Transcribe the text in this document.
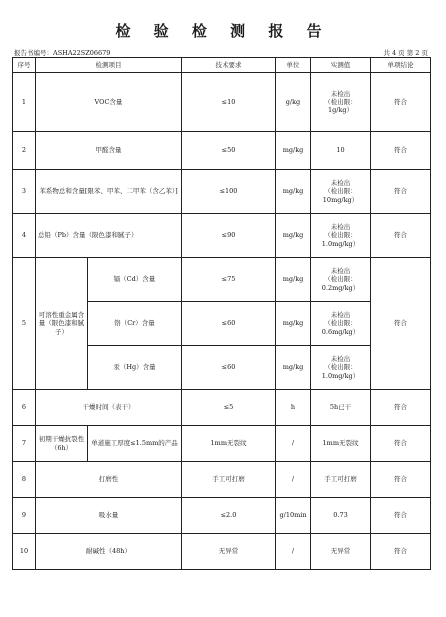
检 验 检 测 报 告
报告书编号：ASHA22SZ06679	共 4 页 第 2 页
序号	检测项目		技术要求	单位	实测值	单项结论
1	VOC含量		≤10	g/kg	未检出
（检出限：
1g/kg）	符合
2	甲醛含量		≤50	mg/kg	10	符合
3	苯系物总和含量[限苯、甲苯、二甲苯（含乙苯）]		≤100	mg/kg	未检出
（检出限：
10mg/kg）	符合
4	总铅（Pb）含量（限色漆和腻子）		≤90	mg/kg	未检出
（检出限：
1.0mg/kg）	符合
5	可溶性重金属含量（限色漆和腻子）	镉（Cd）含量	≤75	mg/kg	未检出
（检出限：
0.2mg/kg）	符合
		铬（Cr）含量	≤60	mg/kg	未检出
（检出限：
0.6mg/kg）	
		汞（Hg）含量	≤60	mg/kg	未检出
（检出限：
1.0mg/kg）	
6	干燥时间（表干）		≤5	h	5h已干	符合
7	初期干燥抗裂性（6h）	单道施工厚度≤1.5mm的产品	1mm无裂纹	/	1mm无裂纹	符合
8	打磨性		手工可打磨	/	手工可打磨	符合
9	吸水量		≤2.0	g/10min	0.73	符合
10	耐碱性（48h）		无异常	/	无异常	符合
